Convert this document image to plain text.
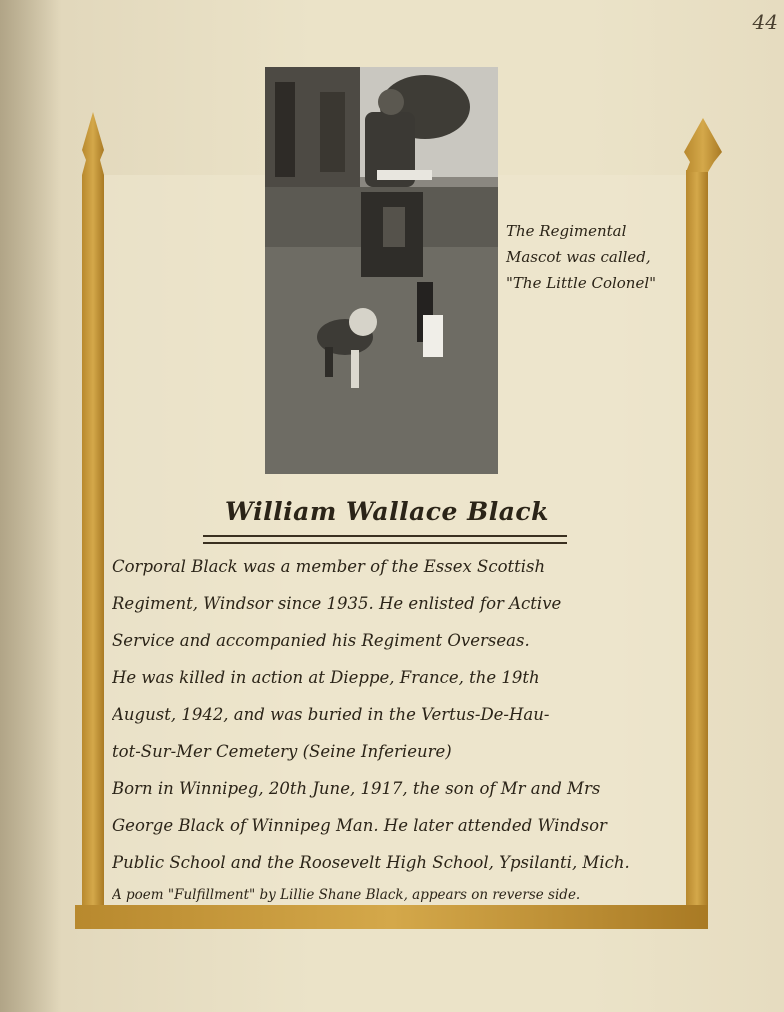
44
The Regimental
Mascot was called,
"The Little Colonel"
William Wallace Black
Corporal Black was a member of the Essex Scottish
Regiment, Windsor since 1935. He enlisted for Active
Service and accompanied his Regiment Overseas.
He was killed in action at Dieppe, France, the 19th
August, 1942, and was buried in the Vertus-De-Hau-
tot-Sur-Mer Cemetery (Seine Inferieure)
Born in Winnipeg, 20th June, 1917, the son of Mr and Mrs
George Black of Winnipeg Man. He later attended Windsor
Public School and the Roosevelt High School, Ypsilanti, Mich.
A poem "Fulfillment" by Lillie Shane Black, appears on reverse side.
